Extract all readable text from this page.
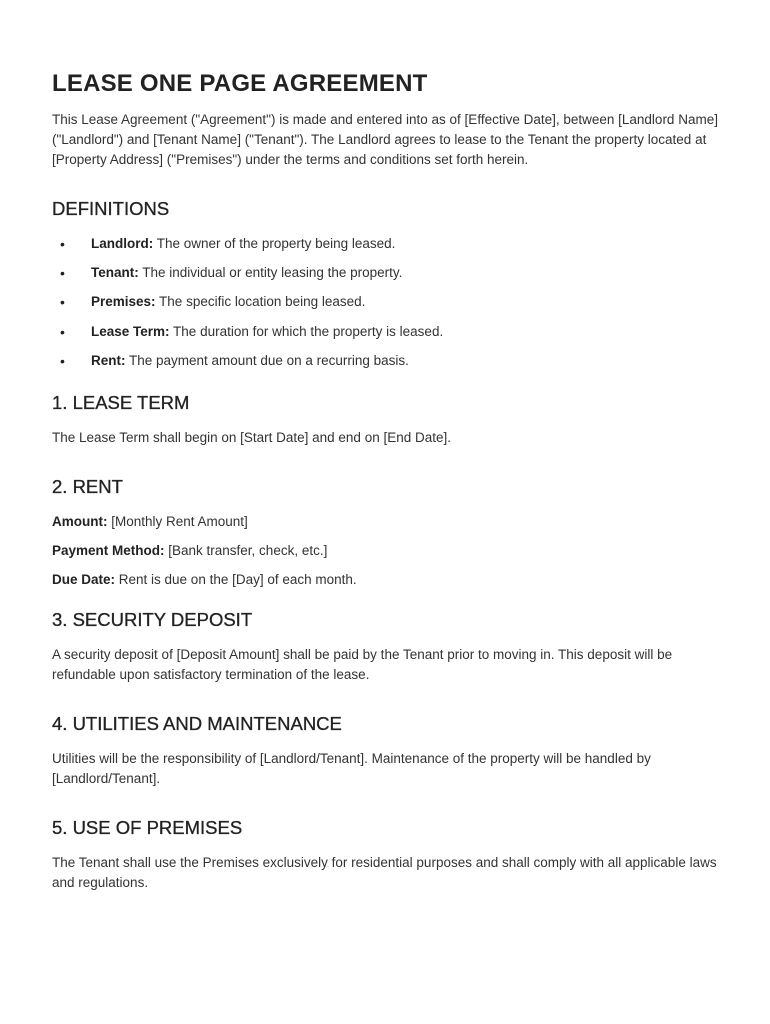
LEASE ONE PAGE AGREEMENT

This Lease Agreement ("Agreement") is made and entered into as of [Effective Date], between [Landlord Name] ("Landlord") and [Tenant Name] ("Tenant"). The Landlord agrees to lease to the Tenant the property located at [Property Address] ("Premises") under the terms and conditions set forth herein.

DEFINITIONS
• Landlord: The owner of the property being leased.
• Tenant: The individual or entity leasing the property.
• Premises: The specific location being leased.
• Lease Term: The duration for which the property is leased.
• Rent: The payment amount due on a recurring basis.
1. LEASE TERM

The Lease Term shall begin on [Start Date] and end on [End Date].

2. RENT

Amount: [Monthly Rent Amount]

Payment Method: [Bank transfer, check, etc.]

Due Date: Rent is due on the [Day] of each month.

3. SECURITY DEPOSIT

A security deposit of [Deposit Amount] shall be paid by the Tenant prior to moving in. This deposit will be refundable upon satisfactory termination of the lease.

4. UTILITIES AND MAINTENANCE

Utilities will be the responsibility of [Landlord/Tenant]. Maintenance of the property will be handled by [Landlord/Tenant].

5. USE OF PREMISES

The Tenant shall use the Premises exclusively for residential purposes and shall comply with all applicable laws and regulations.
